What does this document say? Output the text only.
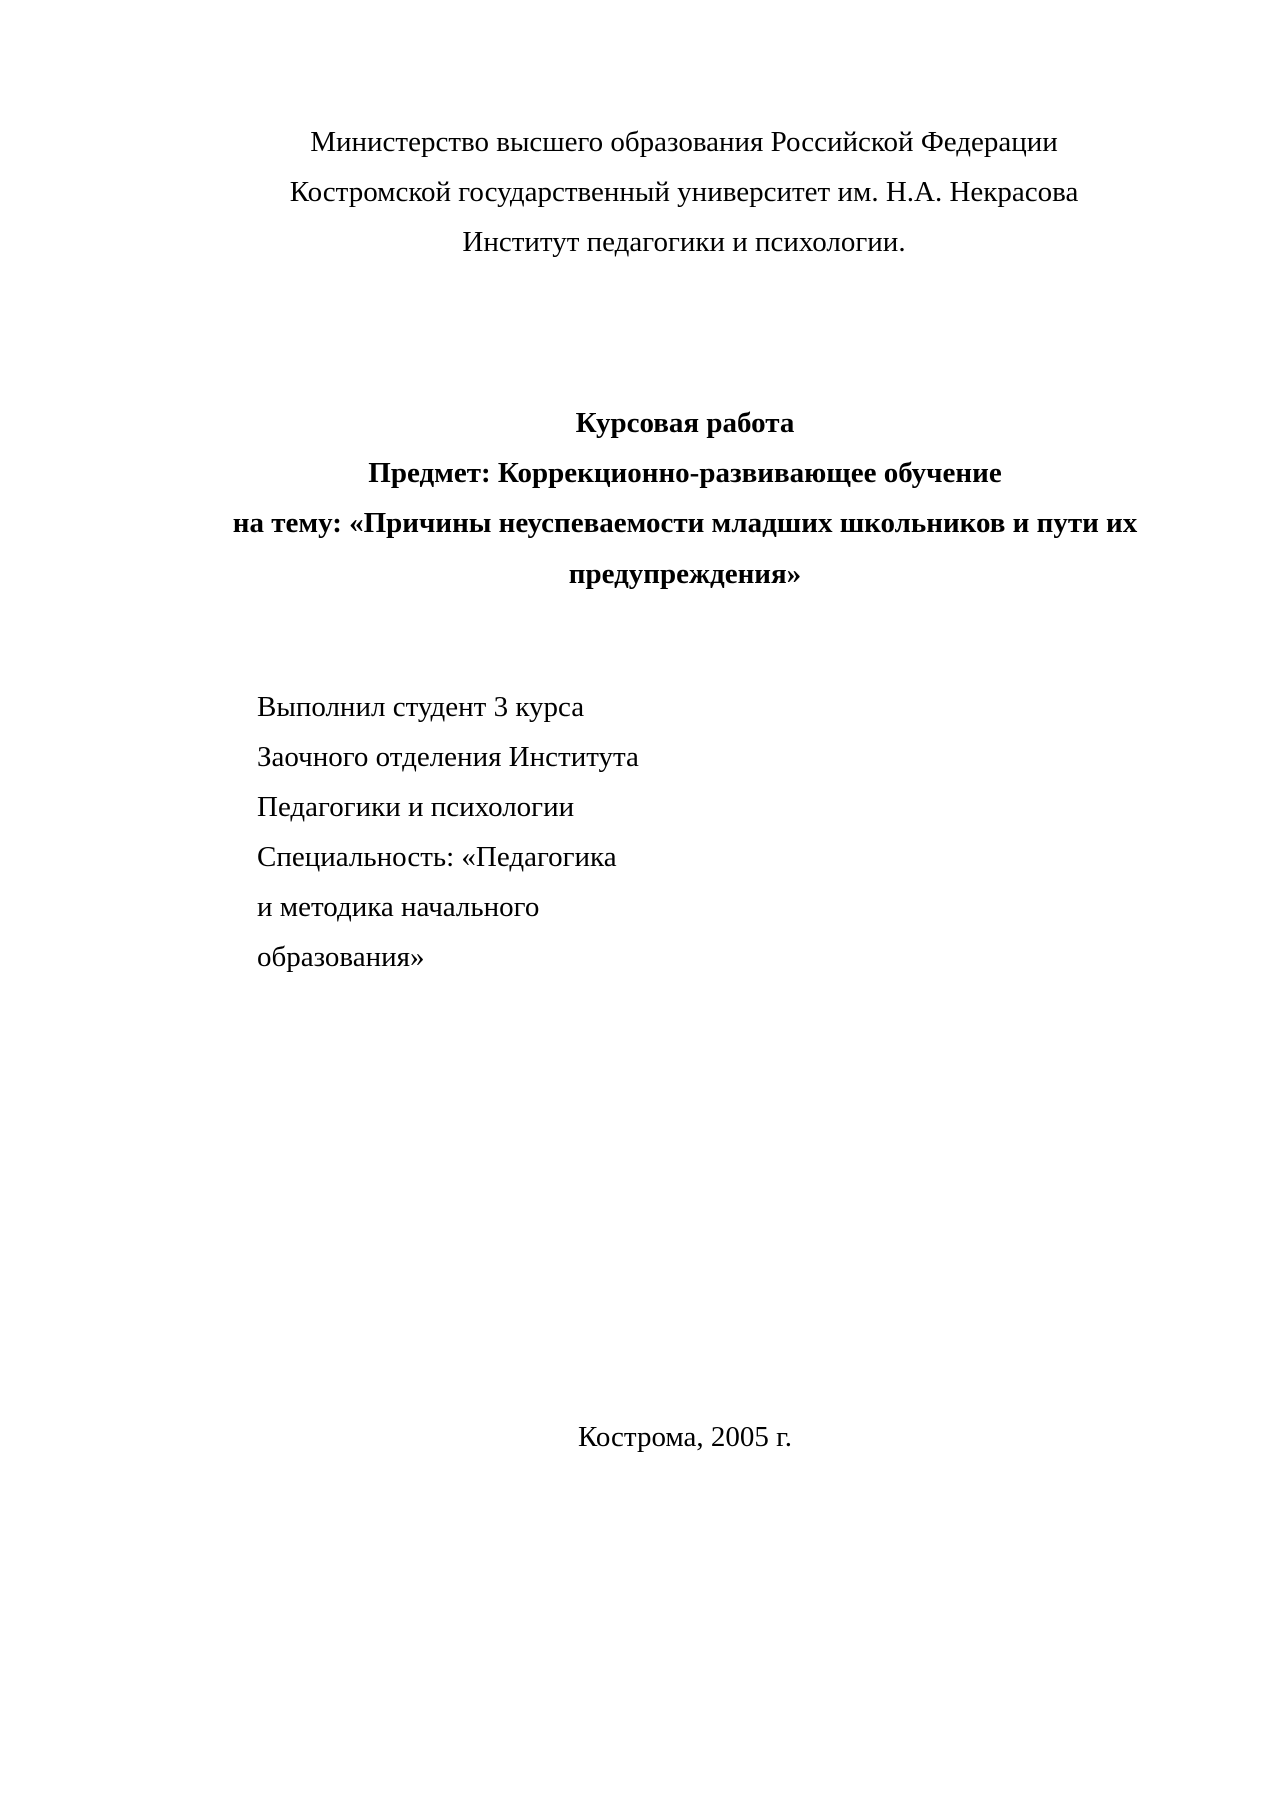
Министерство высшего образования Российской Федерации
Костромской государственный университет им. Н.А. Некрасова
Институт педагогики и психологии.
Курсовая работа
Предмет: Коррекционно-развивающее обучение
на тему: «Причины неуспеваемости младших школьников и пути их
предупреждения»
Выполнил студент 3 курса
Заочного отделения Института
Педагогики и психологии
Специальность: «Педагогика
и методика начального
образования»
Кострома, 2005 г.
